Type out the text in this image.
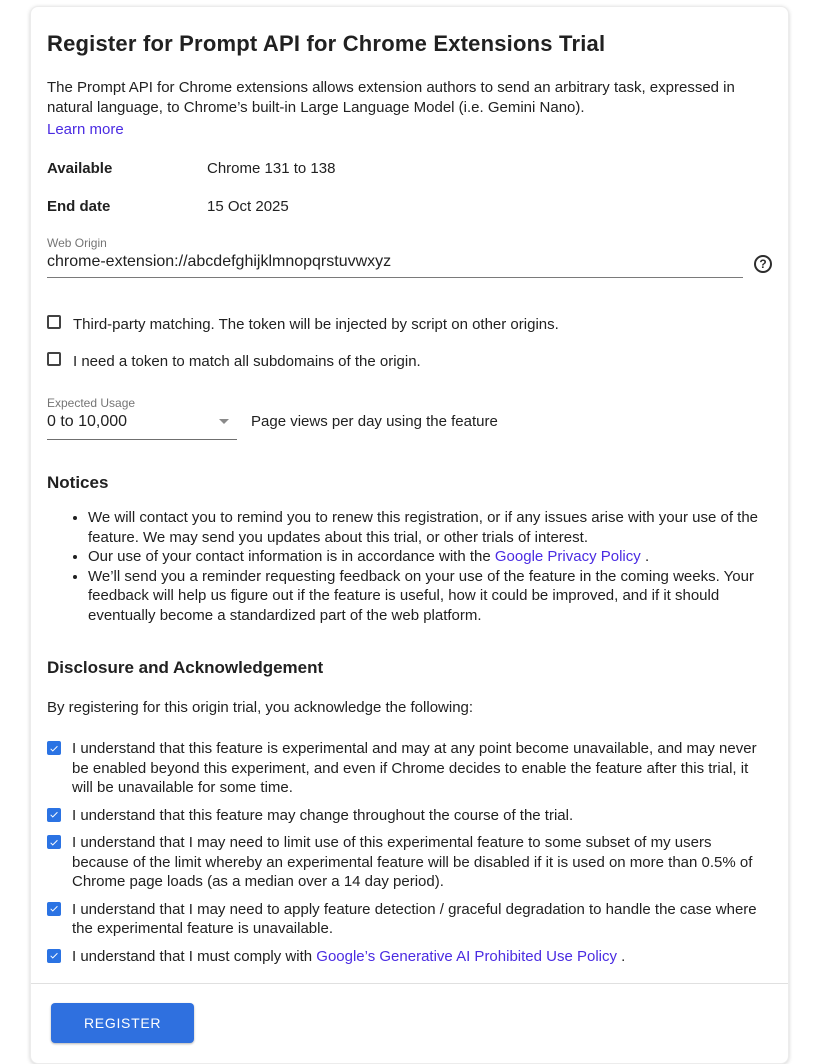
Register for Prompt API for Chrome Extensions Trial

The Prompt API for Chrome extensions allows extension authors to send an arbitrary task, expressed in natural language, to Chrome’s built-in Large Language Model (i.e. Gemini Nano).

Learn more
Available	Chrome 131 to 138
End date	15 Oct 2025
Web Origin
chrome-extension://abcdefghijklmnopqrstuvwxyz
?
Third-party matching. The token will be injected by script on other origins.
I need a token to match all subdomains of the origin.
Expected Usage
0 to 10,000	Page views per day using the feature
Notices
• We will contact you to remind you to renew this registration, or if any issues arise with your use of the feature. We may send you updates about this trial, or other trials of interest.
• Our use of your contact information is in accordance with the Google Privacy Policy .
• We’ll send you a reminder requesting feedback on your use of the feature in the coming weeks. Your feedback will help us figure out if the feature is useful, how it could be improved, and if it should eventually become a standardized part of the web platform.
Disclosure and Acknowledgement

By registering for this origin trial, you acknowledge the following:

I understand that this feature is experimental and may at any point become unavailable, and may never be enabled beyond this experiment, and even if Chrome decides to enable the feature after this trial, it will be unavailable for some time.
I understand that this feature may change throughout the course of the trial.
I understand that I may need to limit use of this experimental feature to some subset of my users because of the limit whereby an experimental feature will be disabled if it is used on more than 0.5% of Chrome page loads (as a median over a 14 day period).
I understand that I may need to apply feature detection / graceful degradation to handle the case where the experimental feature is unavailable.
I understand that I must comply with Google’s Generative AI Prohibited Use Policy .
REGISTER
